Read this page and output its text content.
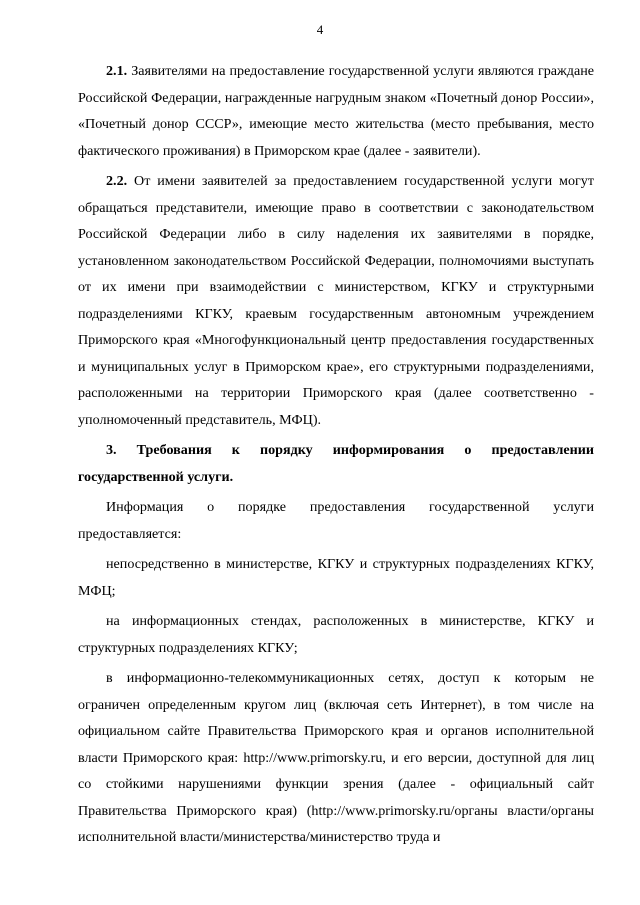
4

2.1. Заявителями на предоставление государственной услуги являются граждане Российской Федерации, награжденные нагрудным знаком «Почетный донор России», «Почетный донор СССР», имеющие место жительства (место пребывания, место фактического проживания) в Приморском крае (далее - заявители).

2.2. От имени заявителей за предоставлением государственной услуги могут обращаться представители, имеющие право в соответствии с законодательством Российской Федерации либо в силу наделения их заявителями в порядке, установленном законодательством Российской Федерации, полномочиями выступать от их имени при взаимодействии с министерством, КГКУ и структурными подразделениями КГКУ, краевым государственным автономным учреждением Приморского края «Многофункциональный центр предоставления государственных и муниципальных услуг в Приморском крае», его структурными подразделениями, расположенными на территории Приморского края (далее соответственно - уполномоченный представитель, МФЦ).

3. Требования к порядку информирования о предоставлении государственной услуги.

Информация о порядке предоставления государственной услуги предоставляется:

непосредственно в министерстве, КГКУ и структурных подразделениях КГКУ, МФЦ;

на информационных стендах, расположенных в министерстве, КГКУ и структурных подразделениях КГКУ;

в информационно-телекоммуникационных сетях, доступ к которым не ограничен определенным кругом лиц (включая сеть Интернет), в том числе на официальном сайте Правительства Приморского края и органов исполнительной власти Приморского края: http://www.primorsky.ru, и его версии, доступной для лиц со стойкими нарушениями функции зрения (далее - официальный сайт Правительства Приморского края) (http://www.primorsky.ru/органы власти/органы исполнительной власти/министерства/министерство труда и
